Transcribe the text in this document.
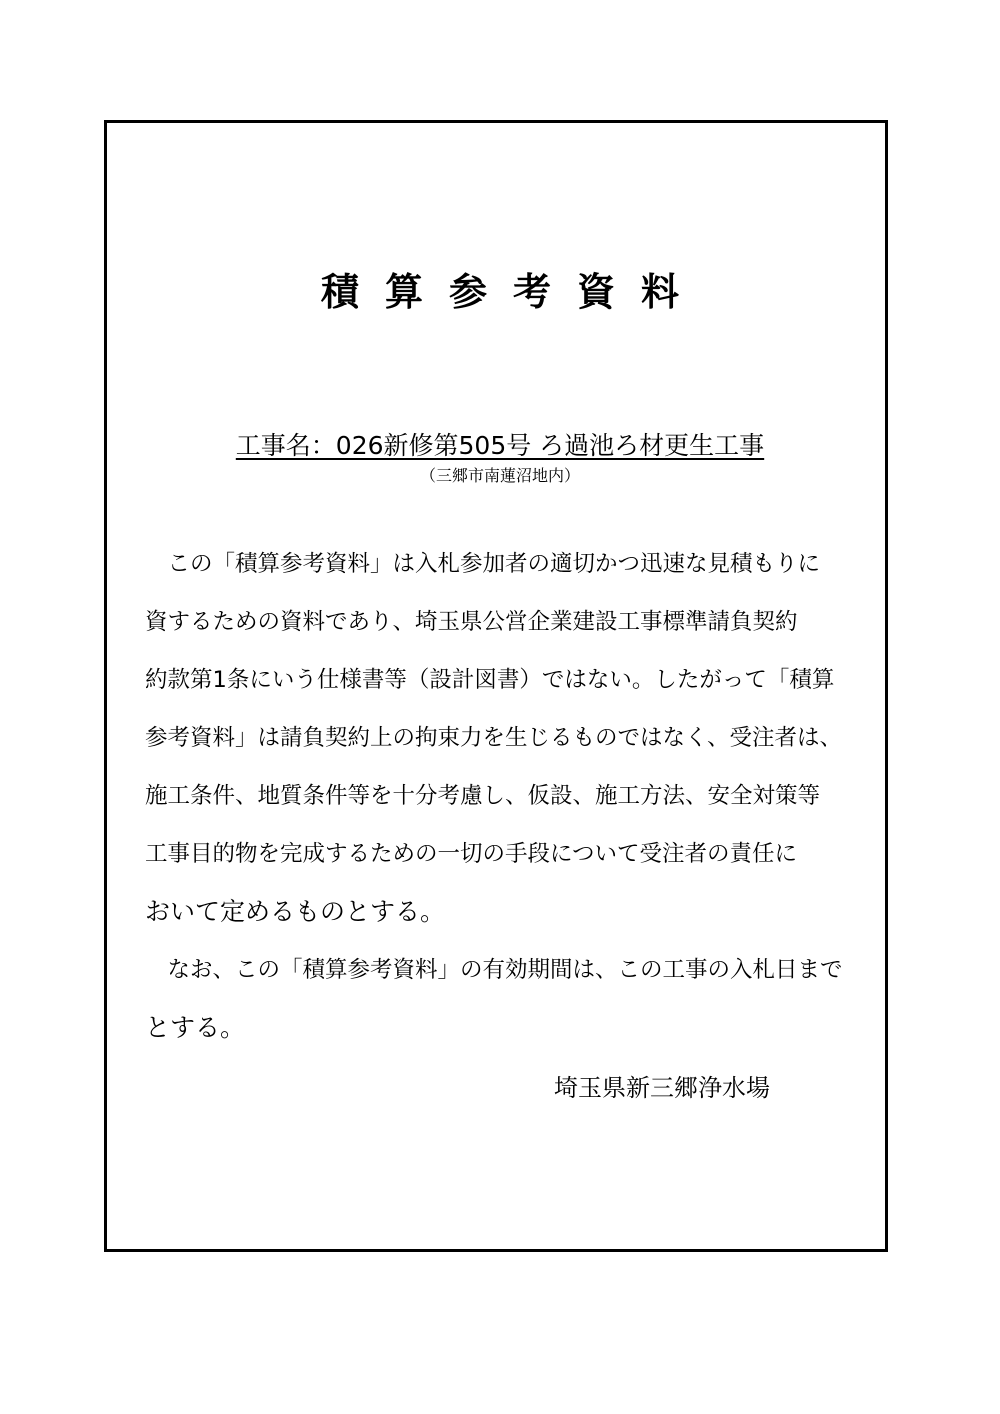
積算参考資料
工事名：026新修第505号 ろ過池ろ材更生工事
（三郷市南蓮沼地内）
　この「積算参考資料」は入札参加者の適切かつ迅速な見積もりに
資するための資料であり、埼玉県公営企業建設工事標準請負契約
約款第1条にいう仕様書等（設計図書）ではない。したがって「積算
参考資料」は請負契約上の拘束力を生じるものではなく、受注者は、
施工条件、地質条件等を十分考慮し、仮設、施工方法、安全対策等
工事目的物を完成するための一切の手段について受注者の責任に
おいて定めるものとする。
　なお、この「積算参考資料」の有効期間は、この工事の入札日まで
とする。
埼玉県新三郷浄水場
